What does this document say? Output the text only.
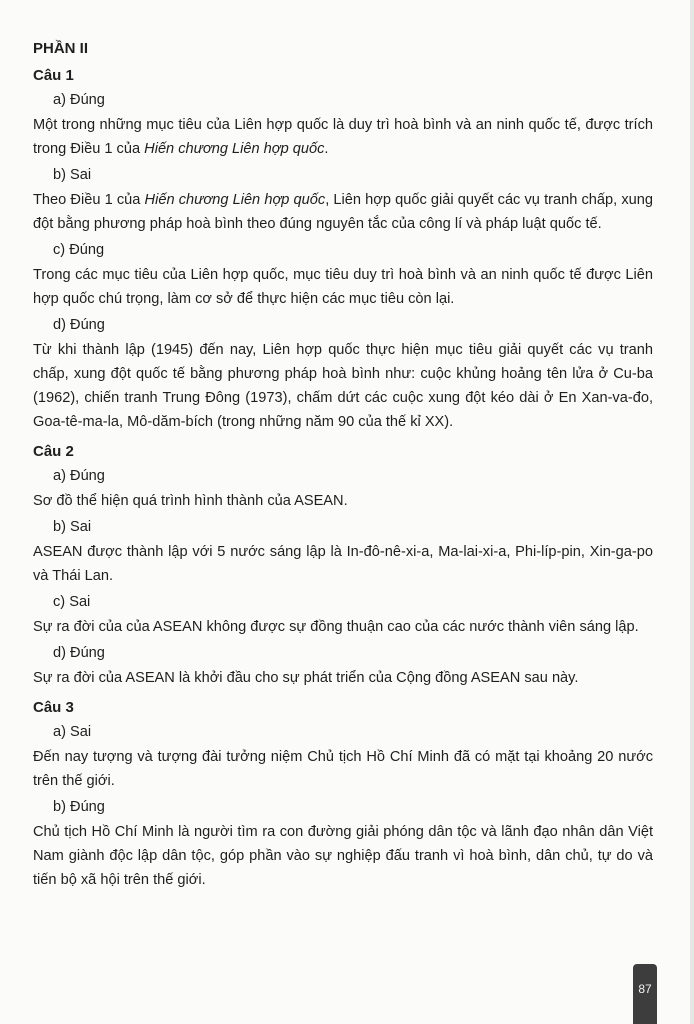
PHẦN II
Câu 1
a) Đúng
Một trong những mục tiêu của Liên hợp quốc là duy trì hoà bình và an ninh quốc tế, được trích trong Điều 1 của Hiến chương Liên hợp quốc.
b) Sai
Theo Điều 1 của Hiến chương Liên hợp quốc, Liên hợp quốc giải quyết các vụ tranh chấp, xung đột bằng phương pháp hoà bình theo đúng nguyên tắc của công lí và pháp luật quốc tế.
c) Đúng
Trong các mục tiêu của Liên hợp quốc, mục tiêu duy trì hoà bình và an ninh quốc tế được Liên hợp quốc chú trọng, làm cơ sở để thực hiện các mục tiêu còn lại.
d) Đúng
Từ khi thành lập (1945) đến nay, Liên hợp quốc thực hiện mục tiêu giải quyết các vụ tranh chấp, xung đột quốc tế bằng phương pháp hoà bình như: cuộc khủng hoảng tên lửa ở Cu-ba (1962), chiến tranh Trung Đông (1973), chấm dứt các cuộc xung đột kéo dài ở En Xan-va-đo, Goa-tê-ma-la, Mô-dăm-bích (trong những năm 90 của thế kỉ XX).
Câu 2
a) Đúng
Sơ đồ thể hiện quá trình hình thành của ASEAN.
b) Sai
ASEAN được thành lập với 5 nước sáng lập là In-đô-nê-xi-a, Ma-lai-xi-a, Phi-líp-pin, Xin-ga-po và Thái Lan.
c) Sai
Sự ra đời của của ASEAN không được sự đồng thuận cao của các nước thành viên sáng lập.
d) Đúng
Sự ra đời của ASEAN là khởi đầu cho sự phát triển của Cộng đồng ASEAN sau này.
Câu 3
a) Sai
Đến nay tượng và tượng đài tưởng niệm Chủ tịch Hồ Chí Minh đã có mặt tại khoảng 20 nước trên thế giới.
b) Đúng
Chủ tịch Hồ Chí Minh là người tìm ra con đường giải phóng dân tộc và lãnh đạo nhân dân Việt Nam giành độc lập dân tộc, góp phần vào sự nghiệp đấu tranh vì hoà bình, dân chủ, tự do và tiến bộ xã hội trên thế giới.
87
